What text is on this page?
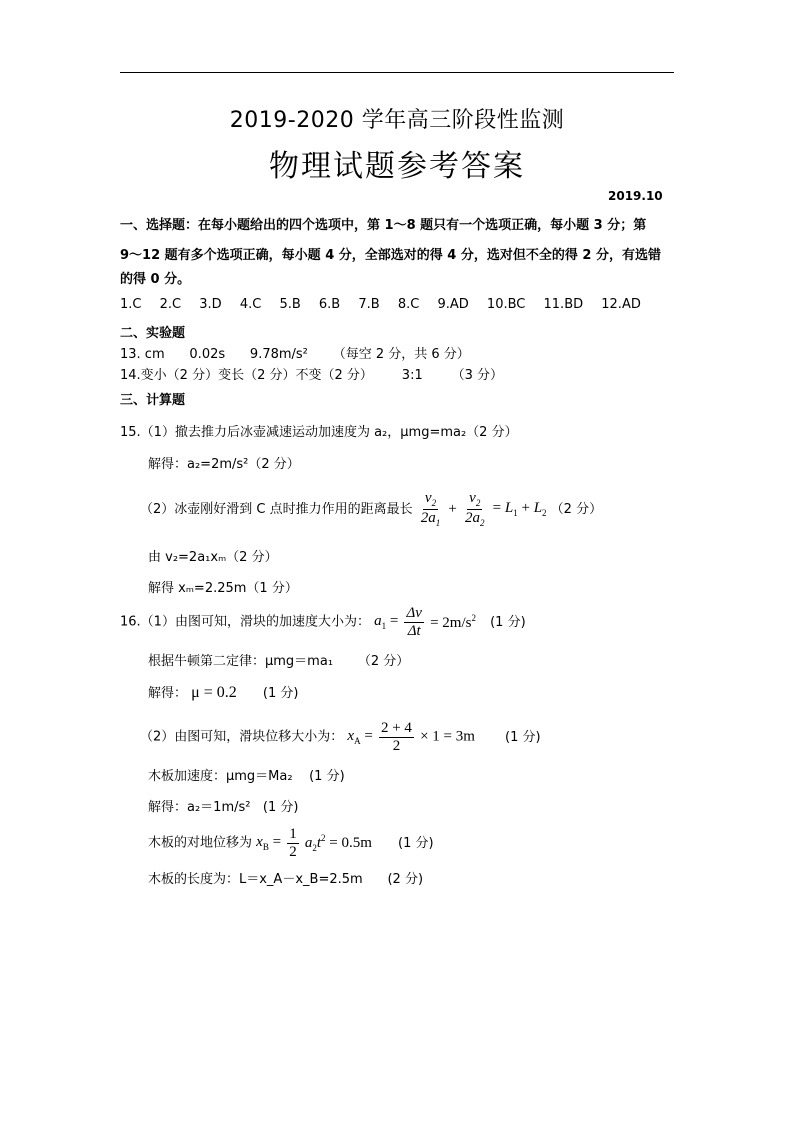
2019-2020 学年高三阶段性监测
物理试题参考答案
2019.10
一、选择题：在每小题给出的四个选项中，第 1～8 题只有一个选项正确，每小题 3 分；第
9～12 题有多个选项正确，每小题 4 分，全部选对的得 4 分，选对但不全的得 2 分，有选错
的得 0 分。
1.C 2.C 3.D 4.C 5.B 6.B 7.B 8.C 9.AD 10.BC 11.BD 12.AD
二、实验题
13. cm      0.02s      9.78m/s²      （每空 2 分，共 6 分）
14.变小（2 分）变长（2 分）不变（2 分）       3:1       （3 分）
三、计算题
15.（1）撤去推力后冰壶减速运动加速度为 a₂，μmg=ma₂（2 分）
解得：a₂=2m/s²（2 分）
（2）冰壶刚好滑到 C 点时推力作用的距离最长 $\frac{v_2}{2a_1} + \frac{v_2}{2a_2} = L_1 + L_2$ （2 分）
由 v₂=2a₁xₘ（2 分）
解得 xₘ=2.25m（1 分）
16.（1）由图可知，滑块的加速度大小为： $a_1 = \frac{\Delta v}{\Delta t} = 2m/s^2$ (1 分)
根据牛顿第二定律：μmg＝ma₁      （2 分）
解得： μ = 0.2 (1 分)
（2）由图可知，滑块位移大小为： $x_A = \frac{2 + 4}{2} \times 1 = 3m$ (1 分)
木板加速度：μmg＝Ma₂    (1 分)
解得：a₂＝1m/s²   (1 分)
木板的对地位移为 $x_B = \frac{1}{2} a_2t^2 = 0.5m$ (1 分)
木板的长度为：L＝x_A－x_B=2.5m      (2 分)
